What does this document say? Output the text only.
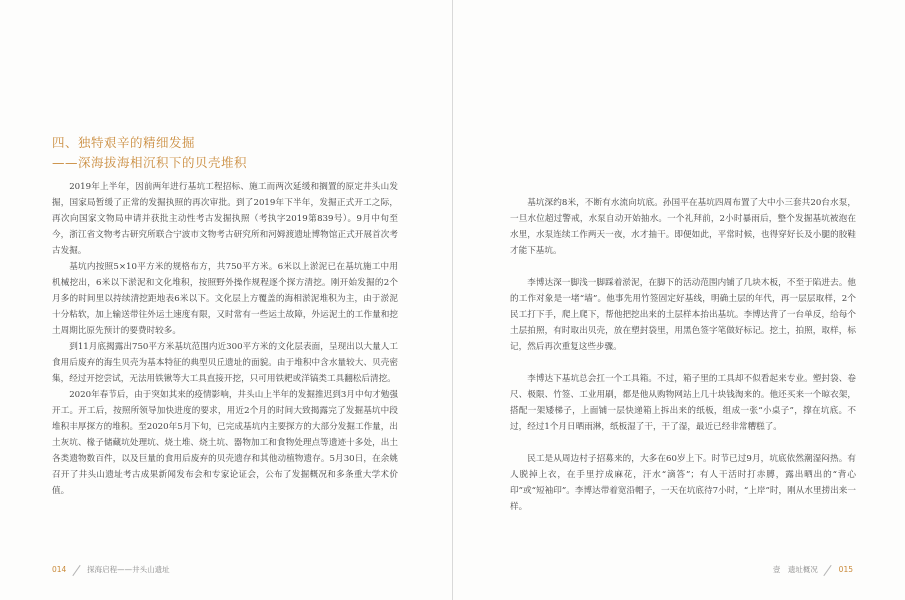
四、独特艰辛的精细发掘
——深海拔海相沉积下的贝壳堆积

2019年上半年，因前两年进行基坑工程招标、施工而两次延缓和搁置的原定井头山发掘，国家局暂缓了正常的发掘执照的再次审批。到了2019年下半年，发掘正式开工之际，再次向国家文物局申请并获批主动性考古发掘执照（考执字2019第839号）。9月中旬至今，浙江省文物考古研究所联合宁波市文物考古研究所和河姆渡遗址博物馆正式开展首次考古发掘。

基坑内按照5×10平方米的规格布方，共750平方米。6米以上淤泥已在基坑施工中用机械挖出，6米以下淤泥和文化堆积，按照野外操作规程逐个探方清挖。刚开始发掘的2个月多的时间里以持续清挖距地表6米以下。文化层上方覆盖的海相淤泥堆积为主，由于淤泥十分粘软，加上输送带往外运土速度有限，又时常有一些运土故障，外运泥土的工作量和挖土周期比原先预计的要费时较多。

到11月底揭露出750平方米基坑范围内近300平方米的文化层表面，呈现出以大量人工食用后废弃的海生贝壳为基本特征的典型贝丘遗址的面貌。由于堆积中含水量较大、贝壳密集，经过开挖尝试，无法用铁锹等大工具直接开挖，只可用铁耙或洋镐类工具翻松后清挖。

2020年春节后，由于突如其来的疫情影响，井头山上半年的发掘推迟到3月中旬才勉强开工。开工后，按照所领导加快进度的要求，用近2个月的时间大致揭露完了发掘基坑中段堆积丰厚探方的堆积。至2020年5月下旬，已完成基坑内主要探方的大部分发掘工作量，出土灰坑、椽子储藏坑处理坑、烧土堆、烧土坑、器物加工和食物处理点等遗迹十多处，出土各类遗物数百件，以及巨量的食用后废弃的贝壳遗存和其他动植物遗存。5月30日，在余姚召开了井头山遗址考古成果新闻发布会和专家论证会，公布了发掘概况和多条重大学术价值。

014	探海启程——井头山遗址

基坑深约8米，不断有水流向坑底。孙国平在基坑四周布置了大中小三套共20台水泵，一旦水位超过警戒，水泵自动开始抽水。一个礼拜前，2小时暴雨后，整个发掘基坑被泡在水里，水泵连续工作两天一夜，水才抽干。即便如此，平常时候，也得穿好长及小腿的胶鞋才能下基坑。

李博达深一脚浅一脚踩着淤泥，在脚下的活动范围内铺了几块木板，不至于陷进去。他的工作对象是一堵“墙”。他事先用竹签固定好基线，明确土层的年代，再一层层取样，2个民工打下手，爬上爬下，帮他把挖出来的土层样本抬出基坑。李博达背了一台单反，给每个土层拍照，有时取出贝壳，放在塑封袋里，用黑色签字笔做好标记。挖土，拍照，取样，标记，然后再次重复这些步骤。

李博达下基坑总会扛一个工具箱。不过，箱子里的工具却不似看起来专业。塑封袋、卷尺、极限、竹签、工业用刷，都是他从购物网站上几十块钱淘来的。他还买来一个晾衣架，搭配一架矮梯子，上面铺一层快递箱上拆出来的纸板，组成一张“小桌子”，撑在坑底。不过，经过1个月日晒雨淋，纸板湿了干，干了湿，最近已经非常糟糕了。

民工是从周边村子招募来的，大多在60岁上下。时节已过9月，坑底依然潮湿闷热。有人脱掉上衣，在手里拧成麻花，汗水“滴答”；有人干活时打赤膊，露出晒出的“背心印”或“短袖印”。李博达带着宽沿帽子，一天在坑底待7小时，“上岸”时，刚从水里捞出来一样。

壹　遗址概况	015
